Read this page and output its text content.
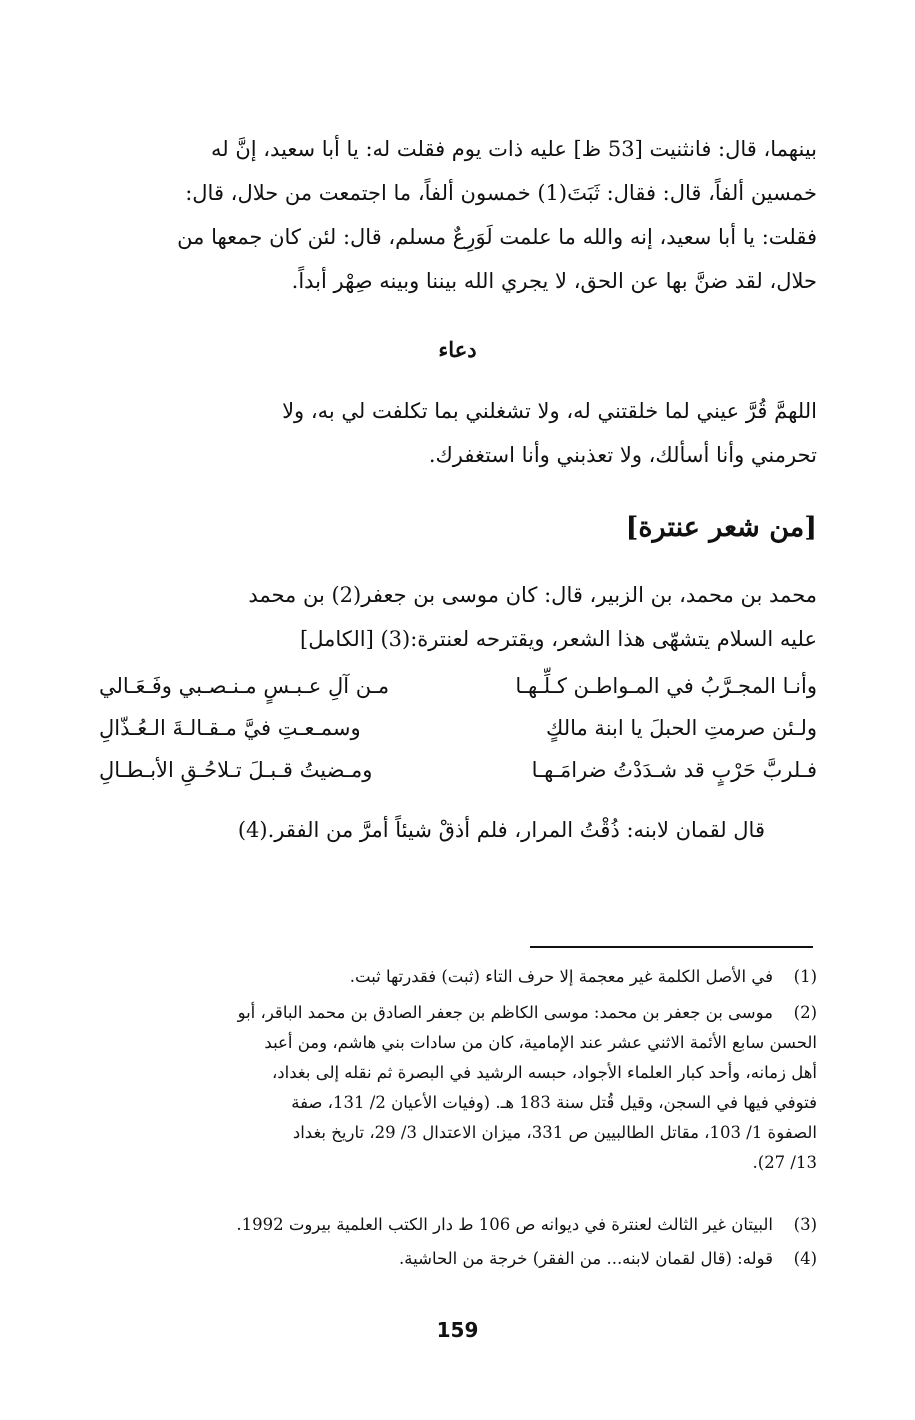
بينهما، قال: فانثنيت [53 ظ] عليه ذات يوم فقلت له: يا أبا سعيد، إنَّ له
خمسين ألفاً، قال: فقال: ثَبَتَ(1) خمسون ألفاً، ما اجتمعت من حلال، قال:
فقلت: يا أبا سعيد، إنه والله ما علمت لَوَرِعٌ مسلم، قال: لئن كان جمعها من
حلال، لقد ضنَّ بها عن الحق، لا يجري الله بيننا وبينه صِهْر أبداً.
دعاء
اللهمَّ قُرَّ عيني لما خلقتني له، ولا تشغلني بما تكلفت لي به، ولا
تحرمني وأنا أسألك، ولا تعذبني وأنا استغفرك.
[من شعر عنترة]
محمد بن محمد، بن الزبير، قال: كان موسى بن جعفر(2) بن محمد
عليه السلام يتشهّى هذا الشعر، ويقترحه لعنترة:(3) [الكامل]
وأنـا المجـرَّبُ في المـواطـن كـلِّـهـا
مـن آلِ عـبـسٍ مـنـصـبي وفَـعَـالي
ولـئن صرمتِ الحبلَ يا ابنة مالكٍ
وسمـعـتِ فيَّ مـقـالـةَ الـعُـذّالِ
فـلربَّ حَرْبٍ قد شـدَدْتُ ضرامَـهـا
ومـضيتُ قـبـلَ تـلاحُـقِ الأبـطـالِ
قال لقمان لابنه: ذُقْتُ المرار، فلم أذقْ شيئاً أمرَّ من الفقر.(4)
(1)
في الأصل الكلمة غير معجمة إلا حرف التاء (ثبت) فقدرتها ثبت.
(2)
موسى بن جعفر بن محمد: موسى الكاظم بن جعفر الصادق بن محمد الباقر، أبو
الحسن سابع الأئمة الاثني عشر عند الإمامية، كان من سادات بني هاشم، ومن أعبد
أهل زمانه، وأحد كبار العلماء الأجواد، حبسه الرشيد في البصرة ثم نقله إلى بغداد،
فتوفي فيها في السجن، وقيل قُتل سنة 183 هـ. (وفيات الأعيان 2/ 131، صفة
الصفوة 1/ 103، مقاتل الطالبيين ص 331، ميزان الاعتدال 3/ 29، تاريخ بغداد
13/ 27).
(3)
البيتان غير الثالث لعنترة في ديوانه ص 106 ط دار الكتب العلمية بيروت 1992.
(4)
قوله: (قال لقمان لابنه... من الفقر) خرجة من الحاشية.
159
